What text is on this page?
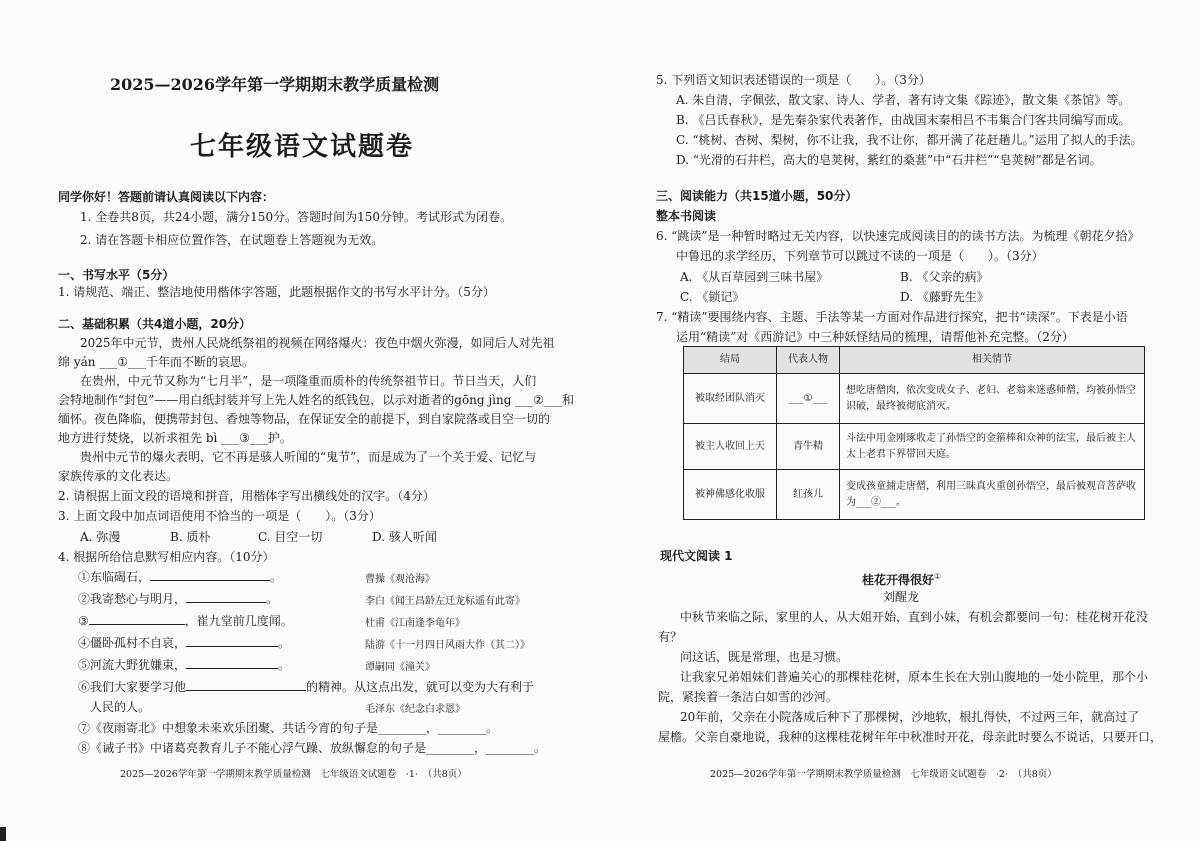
2025—2026学年第一学期期末教学质量检测
七年级语文试题卷
同学你好！答题前请认真阅读以下内容：
1. 全卷共8页，共24小题，满分150分。答题时间为150分钟。考试形式为闭卷。
2. 请在答题卡相应位置作答，在试题卷上答题视为无效。
一、书写水平（5分）
1. 请规范、端正、整洁地使用楷体字答题，此题根据作文的书写水平计分。（5分）
二、基础积累（共4道小题，20分）
2025年中元节，贵州人民烧纸祭祖的视频在网络爆火：夜色中烟火弥漫，如同后人对先祖
绵 yán ___①___千年而不断的哀思。
在贵州，中元节又称为“七月半”，是一项隆重而质朴的传统祭祖节日。节日当天，人们
会特地制作“封包”——用白纸封装并写上先人姓名的纸钱包，以示对逝者的gōng jìng ___②___和
缅怀。夜色降临，便携带封包、香烛等物品，在保证安全的前提下，到自家院落或目空一切的
地方进行焚烧，以祈求祖先 bì ___③___护。
贵州中元节的爆火表明，它不再是骇人听闻的“鬼节”，而是成为了一个关于爱、记忆与
家族传承的文化表达。
2. 请根据上面文段的语境和拼音，用楷体字写出横线处的汉字。（4分）
3. 上面文段中加点词语使用不恰当的一项是（　　）。（3分）
A. 弥漫	B. 质朴	C. 目空一切	D. 骇人听闻
4. 根据所给信息默写相应内容。（10分）
①东临碣石，	。	曹操《观沧海》
②我寄愁心与明月，	。	李白《闻王昌龄左迁龙标遥有此寄》
③	，崔九堂前几度闻。	杜甫《江南逢李龟年》
④僵卧孤村不自哀，	。	陆游《十一月四日风雨大作（其二）》
⑤河流大野犹嫌束，	。	谭嗣同《潼关》
⑥我们大家要学习他	的精神。从这点出发，就可以变为大有利于
人民的人。	毛泽东《纪念白求恩》
⑦《夜雨寄北》中想象未来欢乐团聚、共话今宵的句子是________，________。
⑧《诫子书》中诸葛亮教育儿子不能心浮气躁、放纵懈怠的句子是________，________。
2025—2026学年第一学期期末教学质量检测　七年级语文试题卷　·1·　（共8页）
5. 下列语文知识表述错误的一项是（　　）。（3分）
A. 朱自清，字佩弦，散文家、诗人、学者，著有诗文集《踪迹》，散文集《茶馆》等。
B. 《吕氏春秋》，是先秦杂家代表著作，由战国末秦相吕不韦集合门客共同编写而成。
C. “桃树、杏树、梨树，你不让我，我不让你，都开满了花赶趟儿。”运用了拟人的手法。
D. “光滑的石井栏，高大的皂荚树，紫红的桑葚”中“石井栏”“皂荚树”都是名词。
三、阅读能力（共15道小题，50分）
整本书阅读
6. “跳读”是一种暂时略过无关内容，以快速完成阅读目的的读书方法。为梳理《朝花夕拾》
中鲁迅的求学经历，下列章节可以跳过不读的一项是（　　）。（3分）
A. 《从百草园到三味书屋》	B. 《父亲的病》
C. 《锁记》	D. 《藤野先生》
7. “精读”要围绕内容、主题、手法等某一方面对作品进行探究，把书“读深”。下表是小语
运用“精读”对《西游记》中三种妖怪结局的梳理，请帮他补充完整。（2分）
结局	代表人物	相关情节
被取经团队消灭	___①___	想吃唐僧肉，依次变成女子、老妇、老翁来迷惑师僧，均被孙悟空识破，最终被彻底消灭。
被主人收回上天	青牛精	斗法中用金刚琢收走了孙悟空的金箍棒和众神的法宝，最后被主人太上老君下界带回天庭。
被神佛感化收服	红孩儿	变成孩童捕走唐僧，利用三昧真火重创孙悟空，最后被观音菩萨收为___②___。
现代文阅读 1
桂花开得很好①
刘醒龙
中秋节来临之际，家里的人，从大姐开始，直到小妹，有机会都要问一句：桂花树开花没
有？
问这话，既是常理，也是习惯。
让我家兄弟姐妹们普遍关心的那棵桂花树，原本生长在大别山腹地的一处小院里，那个小
院，紧挨着一条洁白如雪的沙河。
20年前，父亲在小院落成后种下了那棵树，沙地软，根扎得快，不过两三年，就高过了
屋檐。父亲自豪地说，我种的这棵桂花树年年中秋准时开花，母亲此时要么不说话，只要开口，
2025—2026学年第一学期期末教学质量检测　七年级语文试题卷　·2·　（共8页）
